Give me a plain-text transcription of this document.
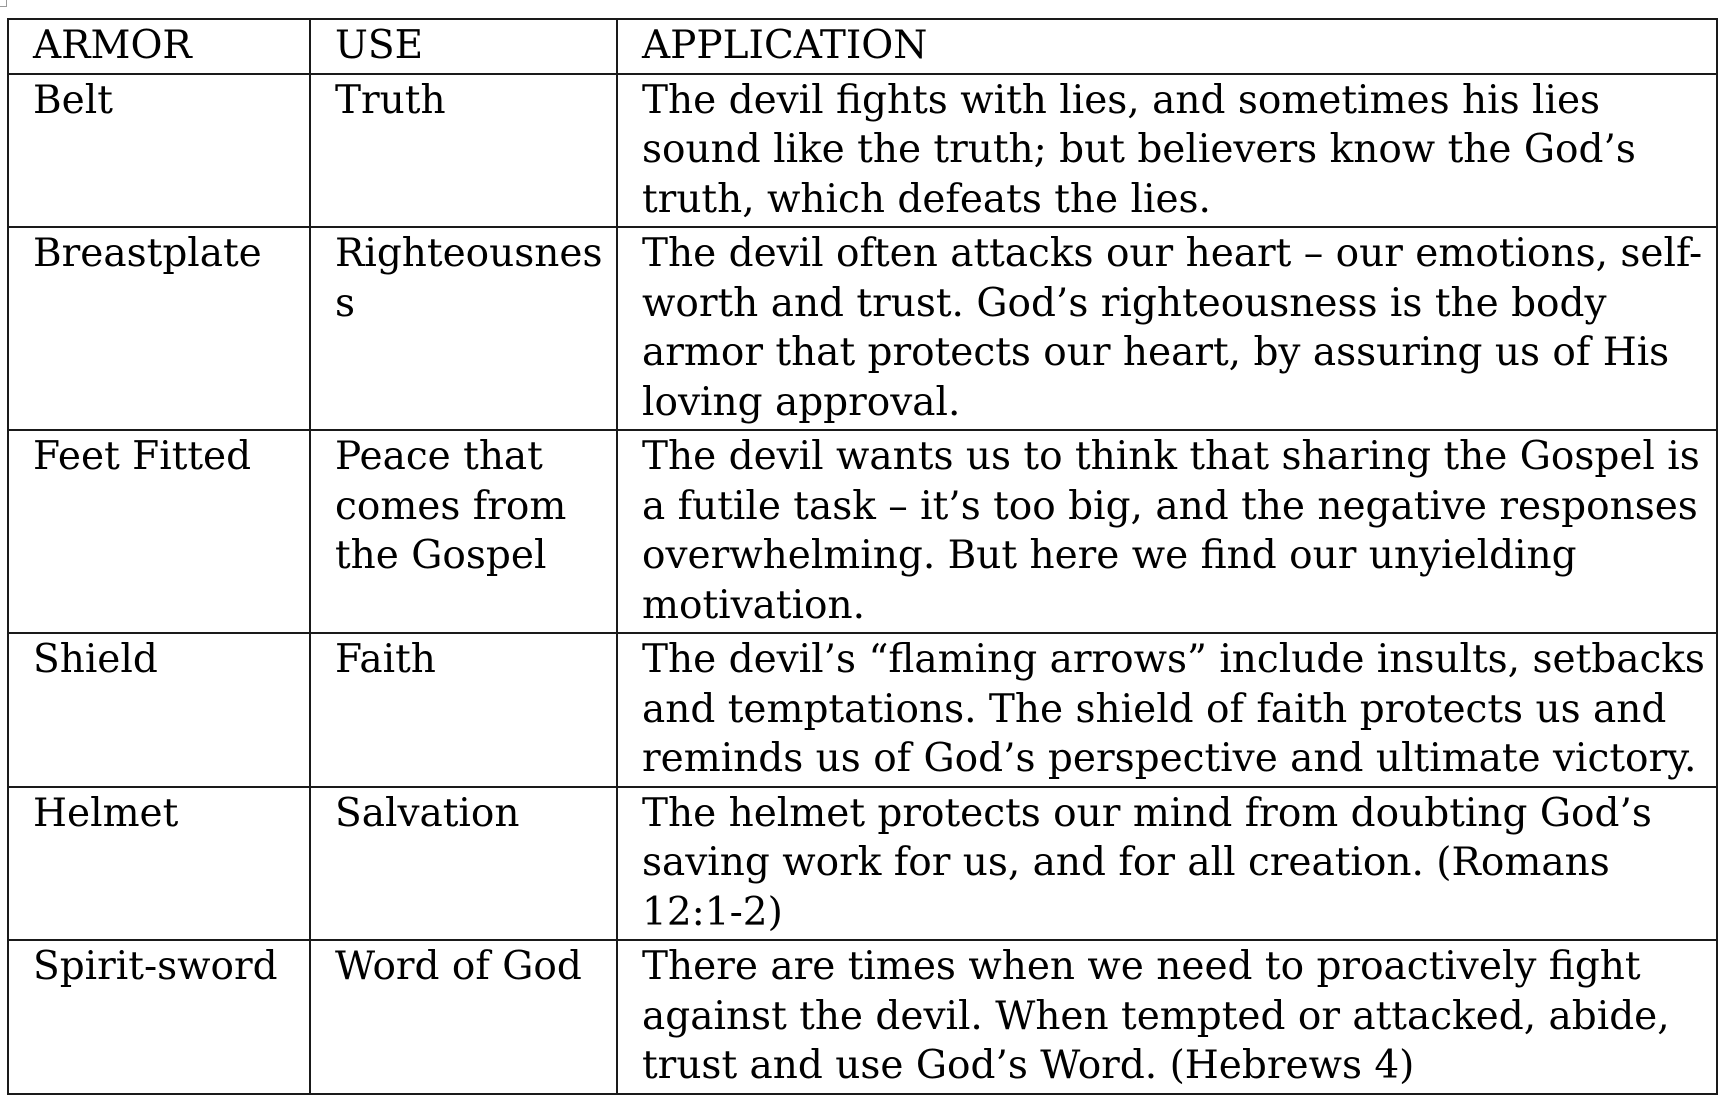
ARMOR	USE	APPLICATION
Belt	Truth	The devil fights with lies, and sometimes his lies sound like the truth; but believers know the God’s truth, which defeats the lies.
Breastplate	Righteousness	The devil often attacks our heart – our emotions, self-worth and trust. God’s righteousness is the body armor that protects our heart, by assuring us of His loving approval.
Feet Fitted	Peace that comes from the Gospel	The devil wants us to think that sharing the Gospel is a futile task – it’s too big, and the negative responses overwhelming. But here we find our unyielding motivation.
Shield	Faith	The devil’s “flaming arrows” include insults, setbacks and temptations. The shield of faith protects us and reminds us of God’s perspective and ultimate victory.
Helmet	Salvation	The helmet protects our mind from doubting God’s saving work for us, and for all creation. (Romans 12:1-2)
Spirit-sword	Word of God	There are times when we need to proactively fight against the devil. When tempted or attacked, abide, trust and use God’s Word. (Hebrews 4)
